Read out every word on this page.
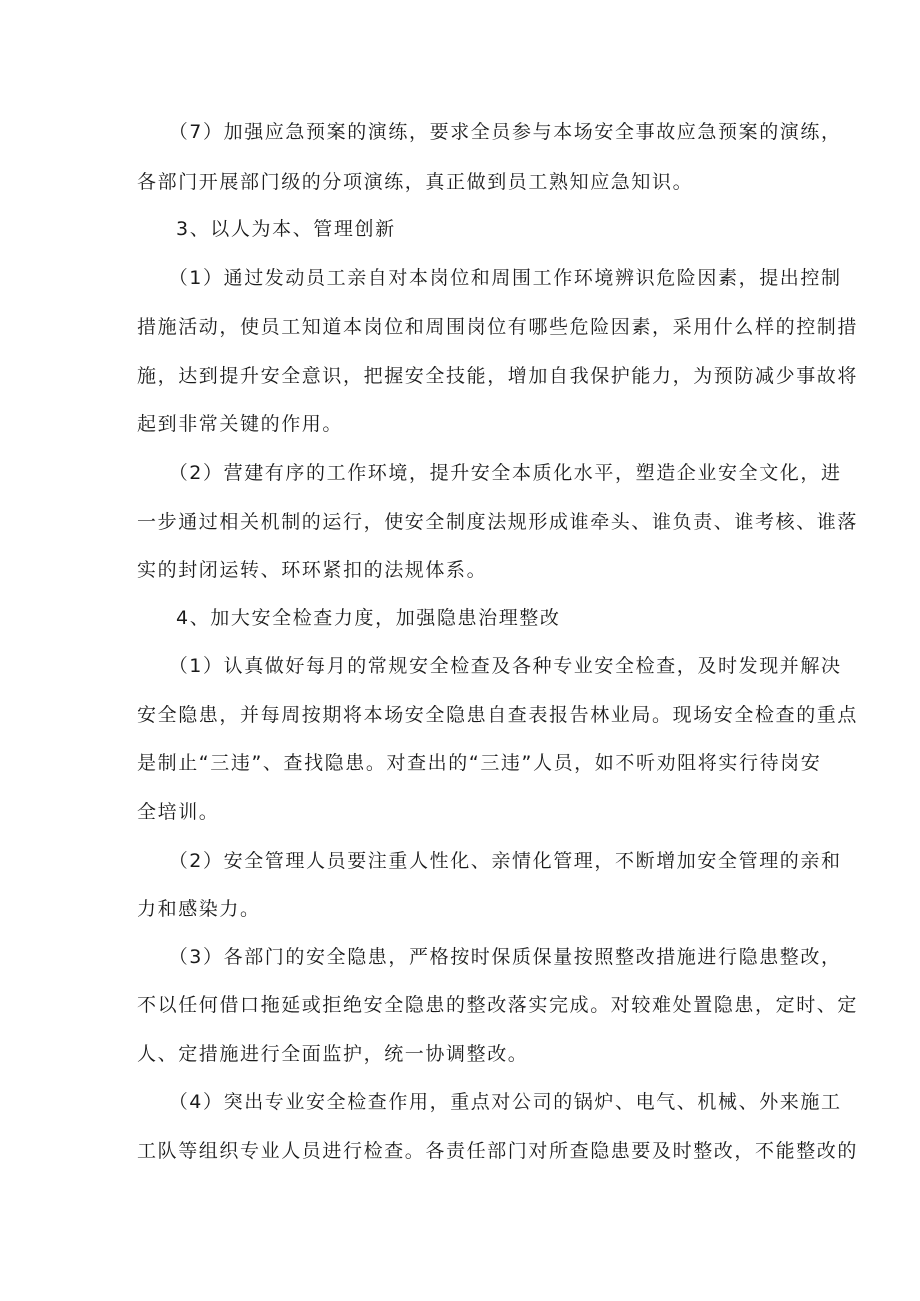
　　（7）加强应急预案的演练，要求全员参与本场安全事故应急预案的演练，
各部门开展部门级的分项演练，真正做到员工熟知应急知识。
3、以人为本、管理创新
　　（1）通过发动员工亲自对本岗位和周围工作环境辨识危险因素，提出控制
措施活动，使员工知道本岗位和周围岗位有哪些危险因素，采用什么样的控制措
施，达到提升安全意识，把握安全技能，增加自我保护能力，为预防减少事故将
起到非常关键的作用。
　　（2）营建有序的工作环境，提升安全本质化水平，塑造企业安全文化，进
一步通过相关机制的运行，使安全制度法规形成谁牵头、谁负责、谁考核、谁落
实的封闭运转、环环紧扣的法规体系。
4、加大安全检查力度，加强隐患治理整改
　　（1）认真做好每月的常规安全检查及各种专业安全检查，及时发现并解决
安全隐患，并每周按期将本场安全隐患自查表报告林业局。现场安全检查的重点
是制止“三违”、查找隐患。对查出的“三违”人员，如不听劝阻将实行待岗安
全培训。
　　（2）安全管理人员要注重人性化、亲情化管理，不断增加安全管理的亲和
力和感染力。
　　（3）各部门的安全隐患，严格按时保质保量按照整改措施进行隐患整改，
不以任何借口拖延或拒绝安全隐患的整改落实完成。对较难处置隐患，定时、定
人、定措施进行全面监护，统一协调整改。
　　（4）突出专业安全检查作用，重点对公司的锅炉、电气、机械、外来施工
工队等组织专业人员进行检查。各责任部门对所查隐患要及时整改，不能整改的
